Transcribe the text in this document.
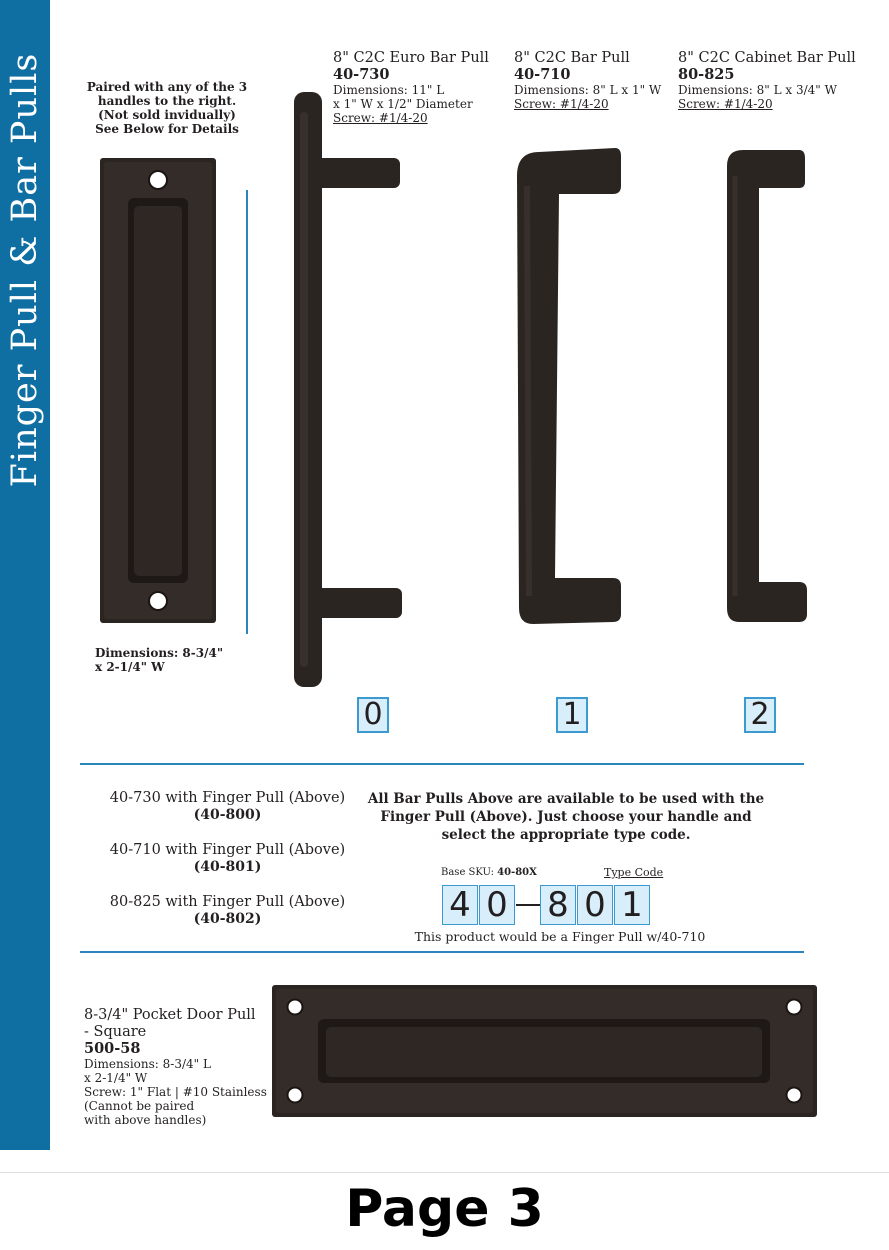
Finger Pull & Bar Pulls	Paired with any of the 3
handles to the right.
(Not sold invidually)
See Below for Details
Dimensions: 8-3/4"
x 2-1/4" W
8" C2C Euro Bar Pull
40-730
Dimensions: 11" L
x 1" W x 1/2" Diameter
Screw: #1/4-20
8" C2C Bar Pull
40-710
Dimensions: 8" L x 1" W
Screw: #1/4-20
8" C2C Cabinet Bar Pull
80-825
Dimensions: 8" L x 3/4" W
Screw: #1/4-20
0	1	2
40-730 with Finger Pull (Above)
(40-800)
40-710 with Finger Pull (Above)
(40-801)
80-825 with Finger Pull (Above)
(40-802)
All Bar Pulls Above are available to be used with the
Finger Pull (Above). Just choose your handle and
select the appropriate type code.
Base SKU: 40-80X	Type Code
4 0 8 0 1
This product would be a Finger Pull w/40-710
8-3/4" Pocket Door Pull
- Square
500-58
Dimensions: 8-3/4" L
x 2-1/4" W
Screw: 1" Flat | #10 Stainless
(Cannot be paired
with above handles)
Page 3
